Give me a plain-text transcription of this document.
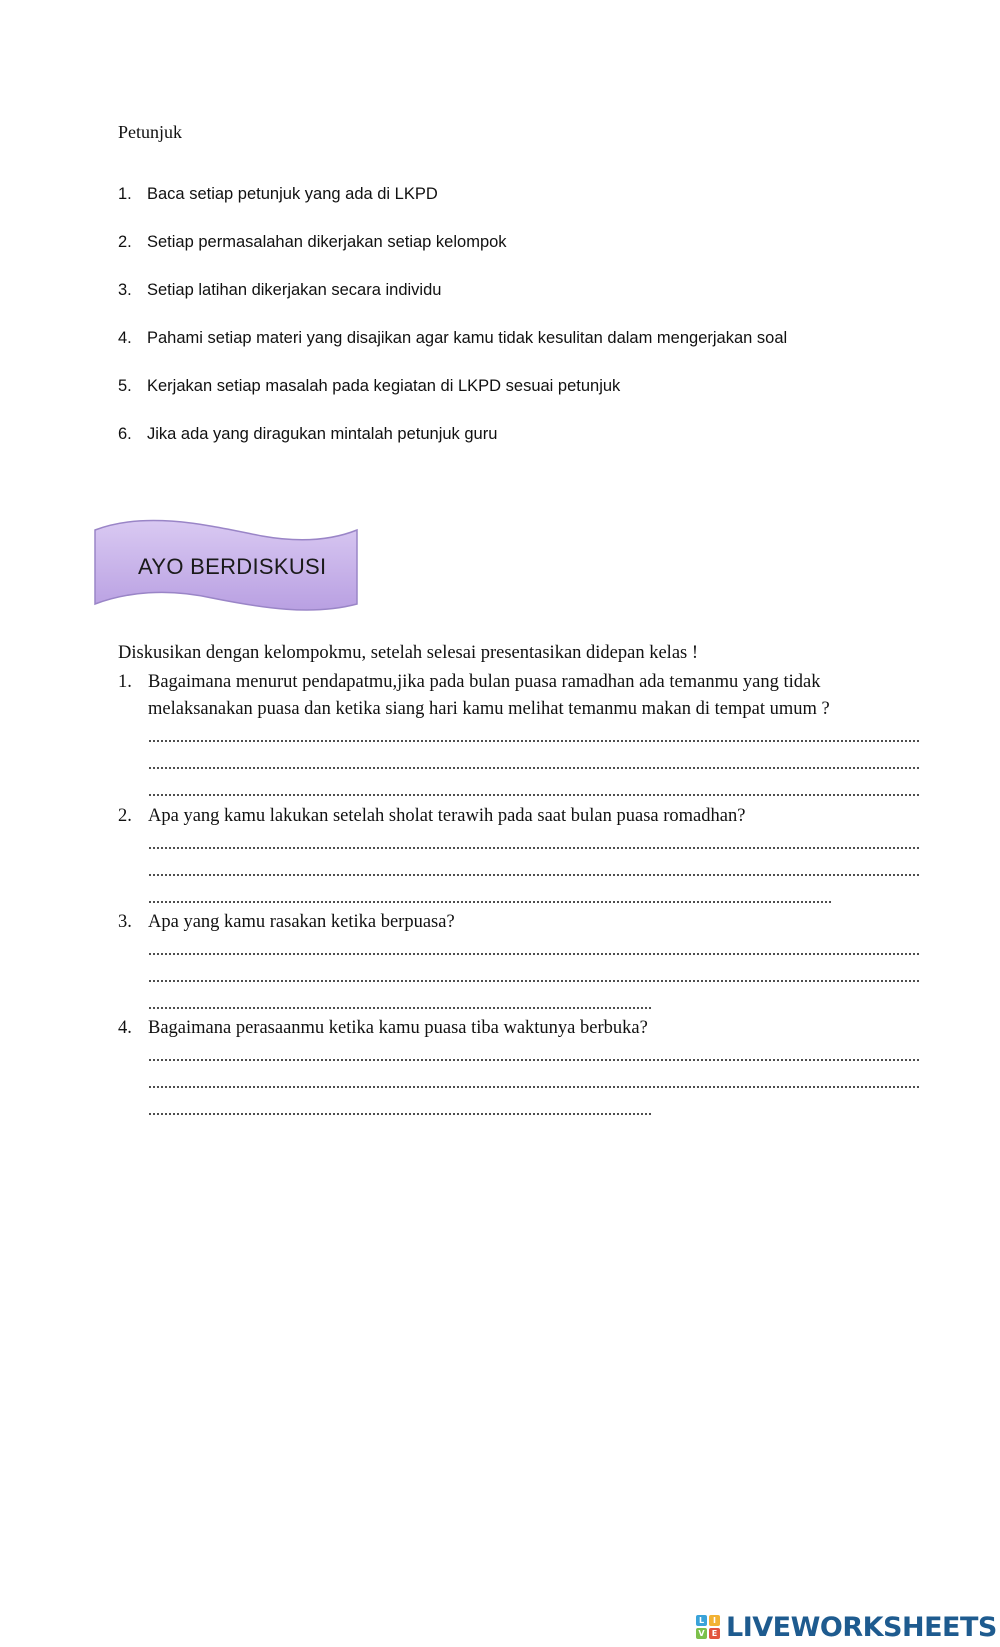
Petunjuk
1. Baca setiap petunjuk yang ada di LKPD
2. Setiap permasalahan dikerjakan setiap kelompok
3. Setiap latihan dikerjakan secara individu
4. Pahami setiap materi yang disajikan agar kamu tidak kesulitan dalam mengerjakan soal
5. Kerjakan setiap masalah pada kegiatan di LKPD sesuai petunjuk
6. Jika ada yang diragukan mintalah petunjuk guru
AYO BERDISKUSI
Diskusikan dengan kelompokmu, setelah selesai presentasikan didepan kelas !
1. Bagaimana menurut pendapatmu,jika pada bulan puasa ramadhan ada temanmu yang tidak
melaksanakan puasa dan ketika siang hari kamu melihat temanmu makan di tempat umum ?
2. Apa yang kamu lakukan setelah sholat terawih pada saat bulan puasa romadhan?
3. Apa yang kamu rasakan ketika berpuasa?
4. Bagaimana perasaanmu ketika kamu puasa tiba waktunya berbuka?
L	I
V E LIVEWORKSHEETS
